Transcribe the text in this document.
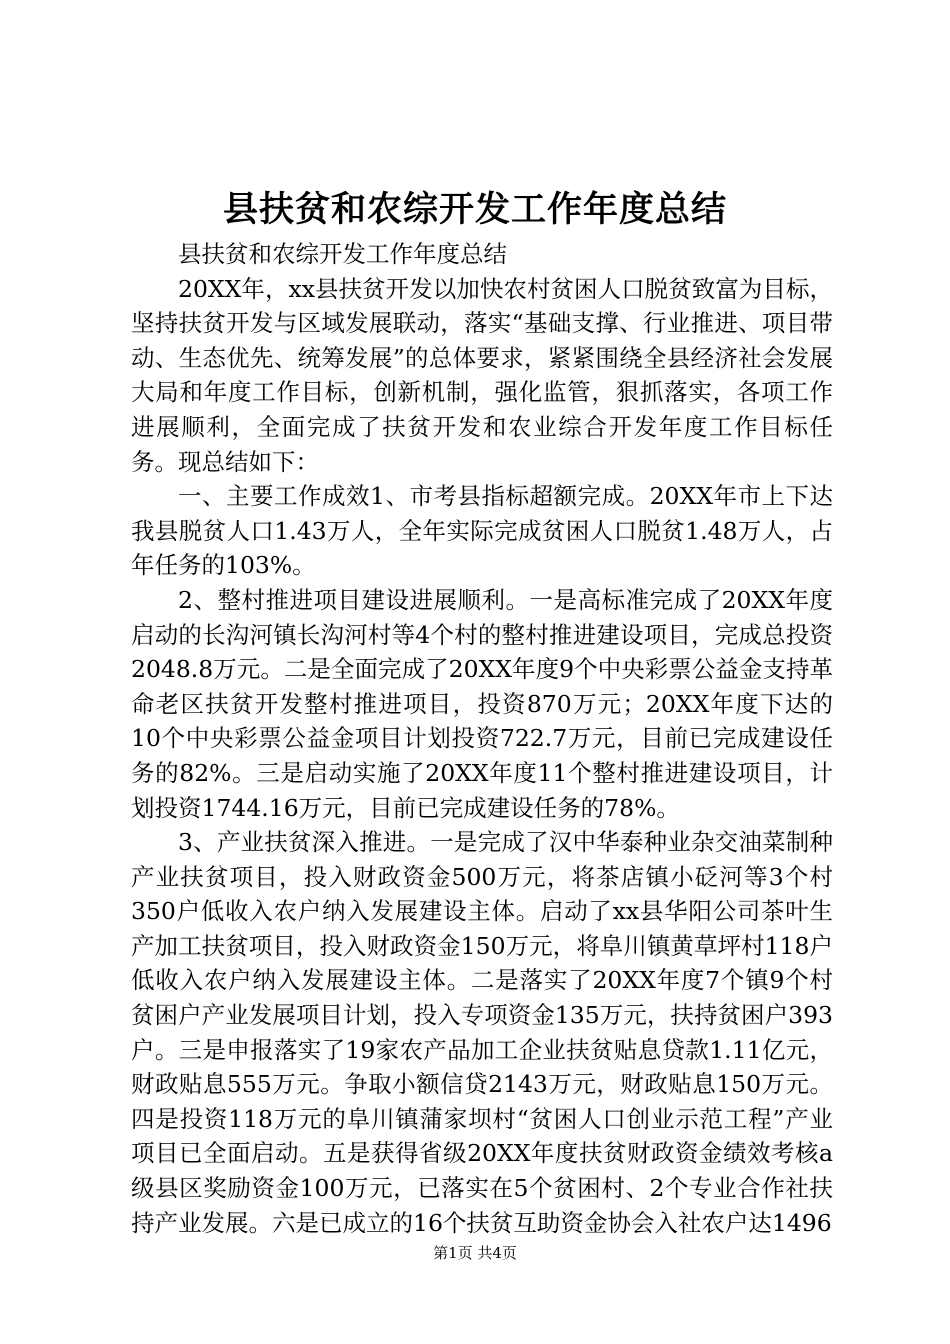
县扶贫和农综开发工作年度总结

县扶贫和农综开发工作年度总结

20XX年，xx县扶贫开发以加快农村贫困人口脱贫致富为目标，坚持扶贫开发与区域发展联动，落实“基础支撑、行业推进、项目带动、生态优先、统筹发展”的总体要求，紧紧围绕全县经济社会发展大局和年度工作目标，创新机制，强化监管，狠抓落实，各项工作进展顺利，全面完成了扶贫开发和农业综合开发年度工作目标任务。现总结如下：

一、主要工作成效1、市考县指标超额完成。20XX年市上下达我县脱贫人口1.43万人，全年实际完成贫困人口脱贫1.48万人，占年任务的103%。

2、整村推进项目建设进展顺利。一是高标准完成了20XX年度启动的长沟河镇长沟河村等4个村的整村推进建设项目，完成总投资2048.8万元。二是全面完成了20XX年度9个中央彩票公益金支持革命老区扶贫开发整村推进项目，投资870万元；20XX年度下达的10个中央彩票公益金项目计划投资722.7万元，目前已完成建设任务的82%。三是启动实施了20XX年度11个整村推进建设项目，计划投资1744.16万元，目前已完成建设任务的78%。

3、产业扶贫深入推进。一是完成了汉中华泰种业杂交油菜制种产业扶贫项目，投入财政资金500万元，将茶店镇小砭河等3个村350户低收入农户纳入发展建设主体。启动了xx县华阳公司茶叶生产加工扶贫项目，投入财政资金150万元，将阜川镇黄草坪村118户低收入农户纳入发展建设主体。二是落实了20XX年度7个镇9个村贫困户产业发展项目计划，投入专项资金135万元，扶持贫困户393户。三是申报落实了19家农产品加工企业扶贫贴息贷款1.11亿元，财政贴息555万元。争取小额信贷2143万元，财政贴息150万元。四是投资118万元的阜川镇蒲家坝村“贫困人口创业示范工程”产业项目已全面启动。五是获得省级20XX年度扶贫财政资金绩效考核a级县区奖励资金100万元，已落实在5个贫困村、2个专业合作社扶持产业发展。六是已成立的16个扶贫互助资金协会入社农户达1496

第1页 共4页
